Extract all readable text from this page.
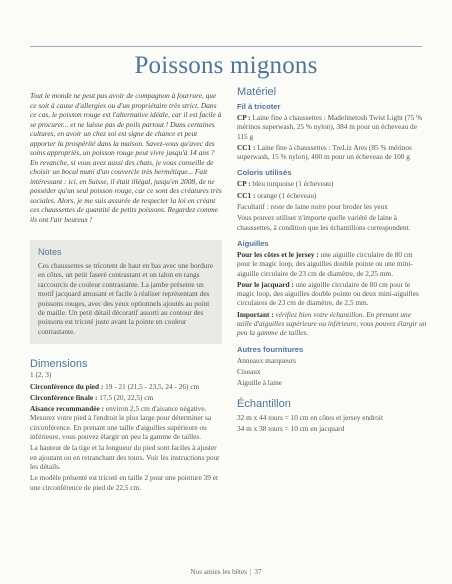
Poissons mignons

Tout le monde ne peut pas avoir de compagnon à fourrure, que ce soit à cause d'allergies ou d'un propriétaire très strict. Dans ce cas, le poisson rouge est l'alternative idéale, car il est facile à se procurer... et ne laisse pas de poils partout ! Dans certaines cultures, en avoir un chez soi est signe de chance et peut apporter la prospérité dans la maison. Savez-vous qu'avec des soins appropriés, un poisson rouge peut vivre jusqu'à 14 ans ? En revanche, si vous avez aussi des chats, je vous conseille de choisir un bocal muni d'un couvercle très hermétique... Fait intéressant : ici, en Suisse, il était illégal, jusqu'en 2008, de ne posséder qu'un seul poisson rouge, car ce sont des créatures très sociales. Alors, je me suis assurée de respecter la loi en créant ces chaussettes de quantité de petits poissons. Regardez comme ils ont l'air heureux !

Notes

Ces chaussettes se tricotent de haut en bas avec une bordure en côtes, un petit faseré contrastant et un talon en rangs raccourcis de couleur contrastante. La jambe présente un motif jacquard amusant et facile à réaliser représentant des poissons rouges, avec des yeux optionnels ajoutés au point de maille. Un petit détail décoratif assorti au contour des poissons est tricoté juste avant la pointe en couleur contrastante.

Dimensions

1 (2, 3)

Circonférence du pied : 19 - 21 (21,5 - 23,5, 24 - 26) cm

Circonférence finale : 17,5 (20, 22,5) cm

Aisance recommandée : environ 2,5 cm d'aisance négative. Mesurez votre pied à l'endroit le plus large pour déterminer sa circonférence. En prenant une taille d'aiguilles supérieure ou inférieure, vous pouvez élargir un peu la gamme de tailles.

La hauteur de la tige et la longueur du pied sont faciles à ajuster en ajoutant ou en retranchant des tours. Voir les instructions pour les détails.

Le modèle présenté est tricoté en taille 2 pour une pointure 39 et une circonférence de pied de 22,5 cm.

Matériel

Fil à tricoter

CP : Laine fine à chaussettes : Madelinetosh Twist Light (75 % mérinos superwash, 25 % nylon), 384 m pour un écheveau de 115 g

CC1 : Laine fine à chaussettes : TreLiz Ares (85 % mérinos superwash, 15 % nylon), 400 m pour un écheveau de 100 g

Coloris utilisés

CP : bleu turquoise (1 écheveau)

CC1 : orange (1 écheveau)

Facultatif : reste de laine noire pour broder les yeux

Vous pouvez utiliser n'importe quelle variété de laine à chaussettes, à condition que les échantillons correspondent.

Aiguilles

Pour les côtes et le jersey : une aiguille circulaire de 80 cm pour le magic loop, des aiguilles double pointe ou une mini-aiguille circulaire de 23 cm de diamètre, de 2,25 mm.

Pour le jacquard : une aiguille circulaire de 80 cm pour le magic loop, des aiguilles double pointe ou deux mini-aiguilles circulaires de 23 cm de diamètre, de 2,5 mm.

Important : vérifiez bien votre échantillon. En prenant une taille d'aiguilles supérieure ou inférieure, vous pouvez élargir un peu la gamme de tailles.

Autres fournitures

Anneaux marqueurs

Ciseaux

Aiguille à laine

Échantillon

32 m x 44 tours = 10 cm en côtes et jersey endroit

34 m x 38 tours = 10 cm en jacquard

Nos amies les bêtes | 37
